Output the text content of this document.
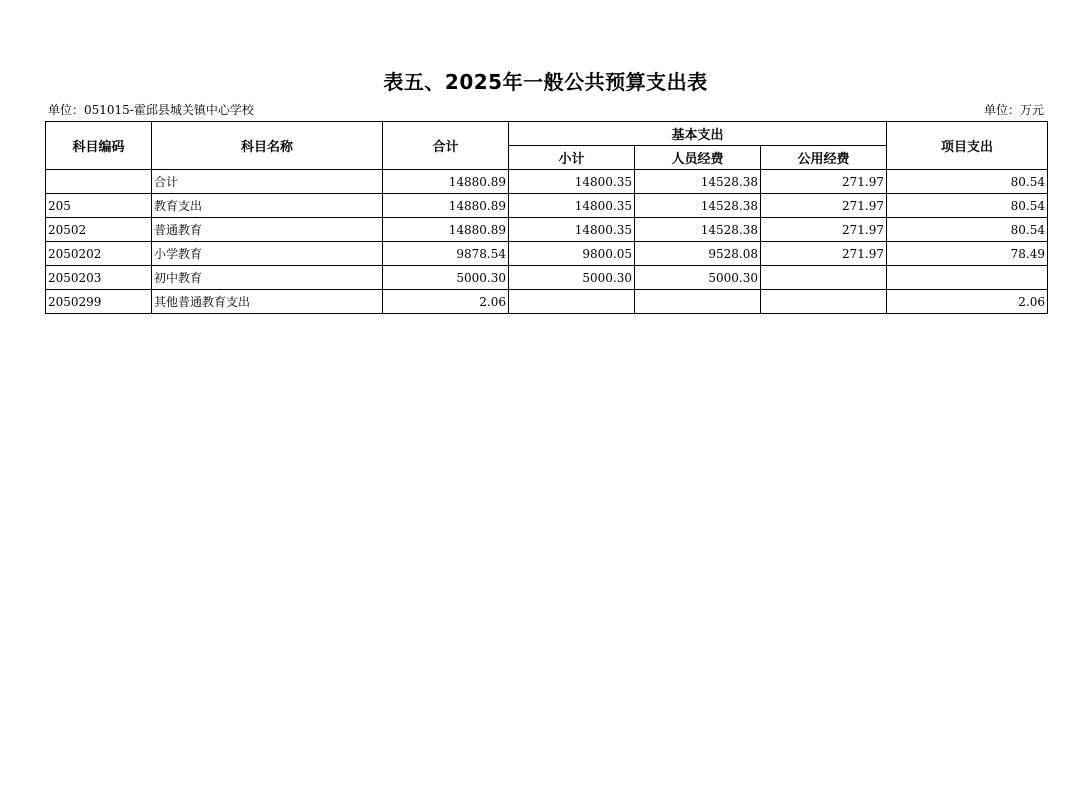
表五、2025年一般公共预算支出表
单位：051015-霍邱县城关镇中心学校	单位：万元
科目编码	科目名称	合计	基本支出			项目支出
			小计	人员经费	公用经费	
	合计	14880.89	14800.35	14528.38	271.97	80.54
205	教育支出	14880.89	14800.35	14528.38	271.97	80.54
20502	普通教育	14880.89	14800.35	14528.38	271.97	80.54
2050202	小学教育	9878.54	9800.05	9528.08	271.97	78.49
2050203	初中教育	5000.30	5000.30	5000.30		
2050299	其他普通教育支出	2.06				2.06
